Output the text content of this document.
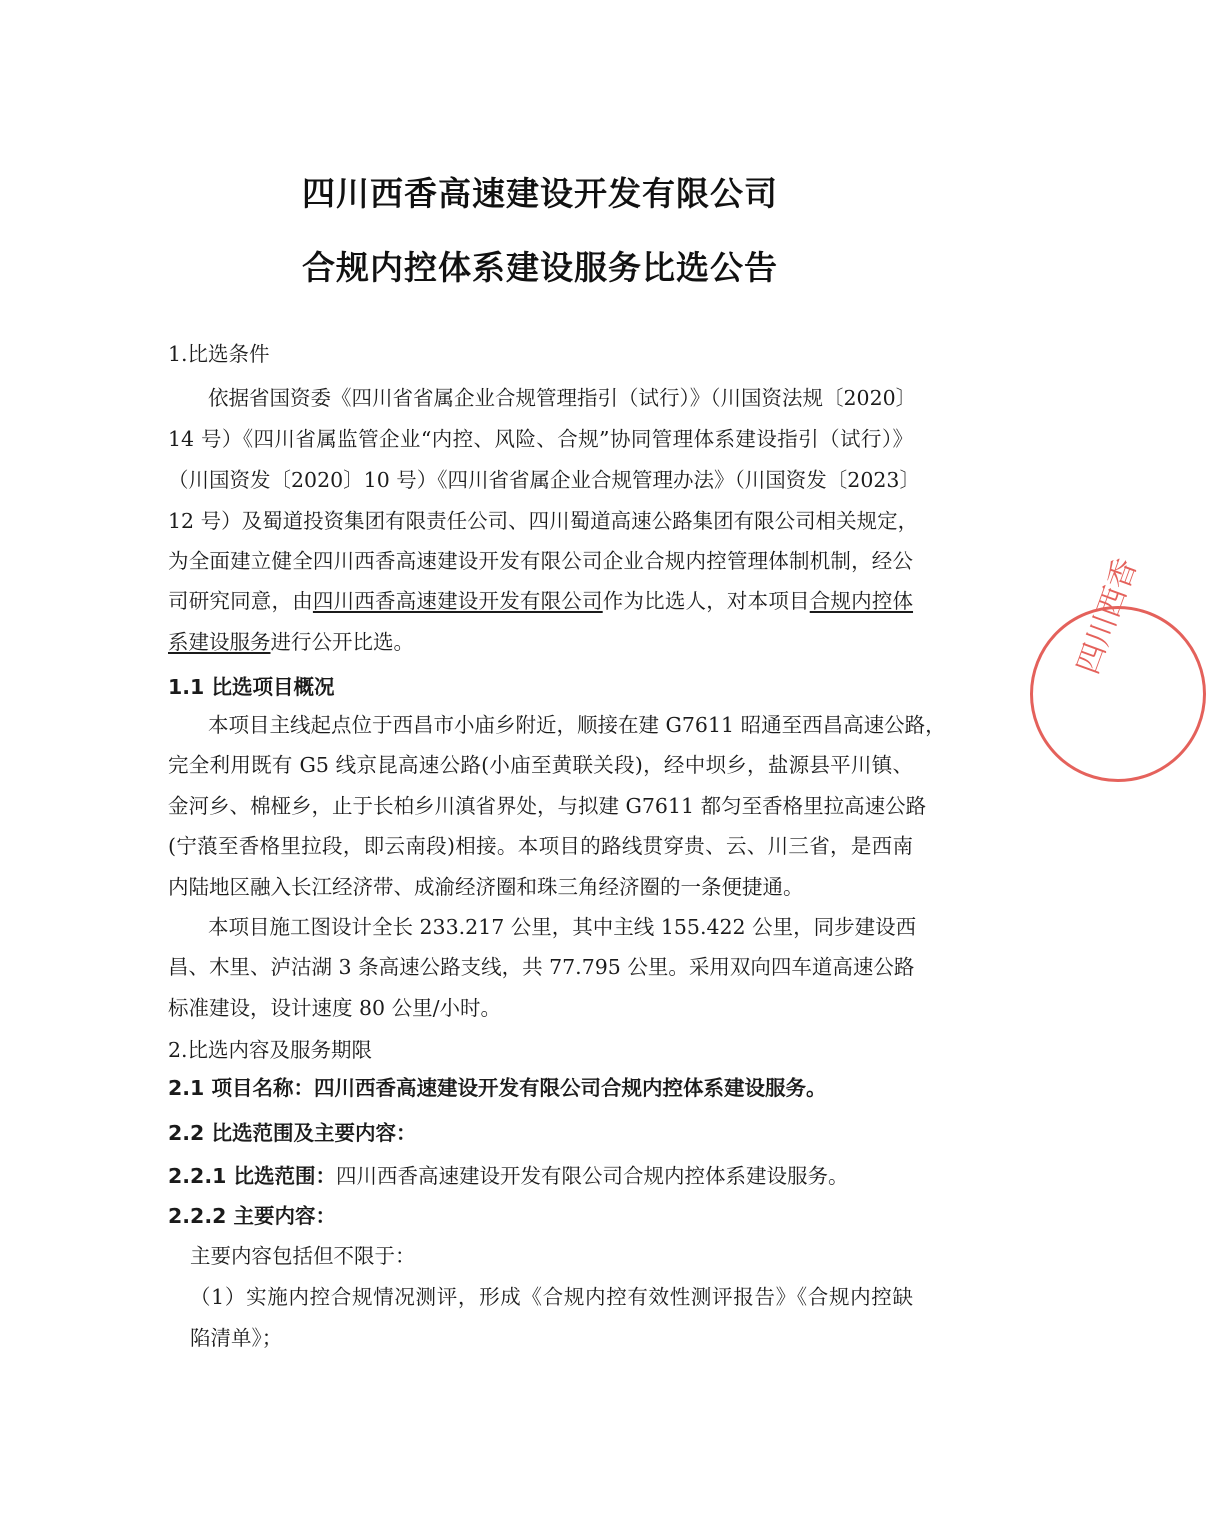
四川西香高速建设开发有限公司
合规内控体系建设服务比选公告
1.比选条件
依据省国资委《四川省省属企业合规管理指引（试行）》（川国资法规〔2020〕
14 号）《四川省属监管企业“内控、风险、合规”协同管理体系建设指引（试行）》
（川国资发〔2020〕10 号）《四川省省属企业合规管理办法》（川国资发〔2023〕
12 号）及蜀道投资集团有限责任公司、四川蜀道高速公路集团有限公司相关规定，
为全面建立健全四川西香高速建设开发有限公司企业合规内控管理体制机制，经公
司研究同意，由四川西香高速建设开发有限公司作为比选人，对本项目合规内控体
系建设服务进行公开比选。
1.1 比选项目概况
本项目主线起点位于西昌市小庙乡附近，顺接在建 G7611 昭通至西昌高速公路，
完全利用既有 G5 线京昆高速公路(小庙至黄联关段)，经中坝乡，盐源县平川镇、
金河乡、棉桠乡，止于长柏乡川滇省界处，与拟建 G7611 都匀至香格里拉高速公路
(宁蒗至香格里拉段，即云南段)相接。本项目的路线贯穿贵、云、川三省，是西南
内陆地区融入长江经济带、成渝经济圈和珠三角经济圈的一条便捷通。
本项目施工图设计全长 233.217 公里，其中主线 155.422 公里，同步建设西
昌、木里、泸沽湖 3 条高速公路支线，共 77.795 公里。采用双向四车道高速公路
标准建设，设计速度 80 公里/小时。
2.比选内容及服务期限
2.1 项目名称：四川西香高速建设开发有限公司合规内控体系建设服务。
2.2 比选范围及主要内容：
2.2.1 比选范围：四川西香高速建设开发有限公司合规内控体系建设服务。
2.2.2 主要内容：
主要内容包括但不限于：
（1）实施内控合规情况测评，形成《合规内控有效性测评报告》《合规内控缺
陷清单》；
四川西香
